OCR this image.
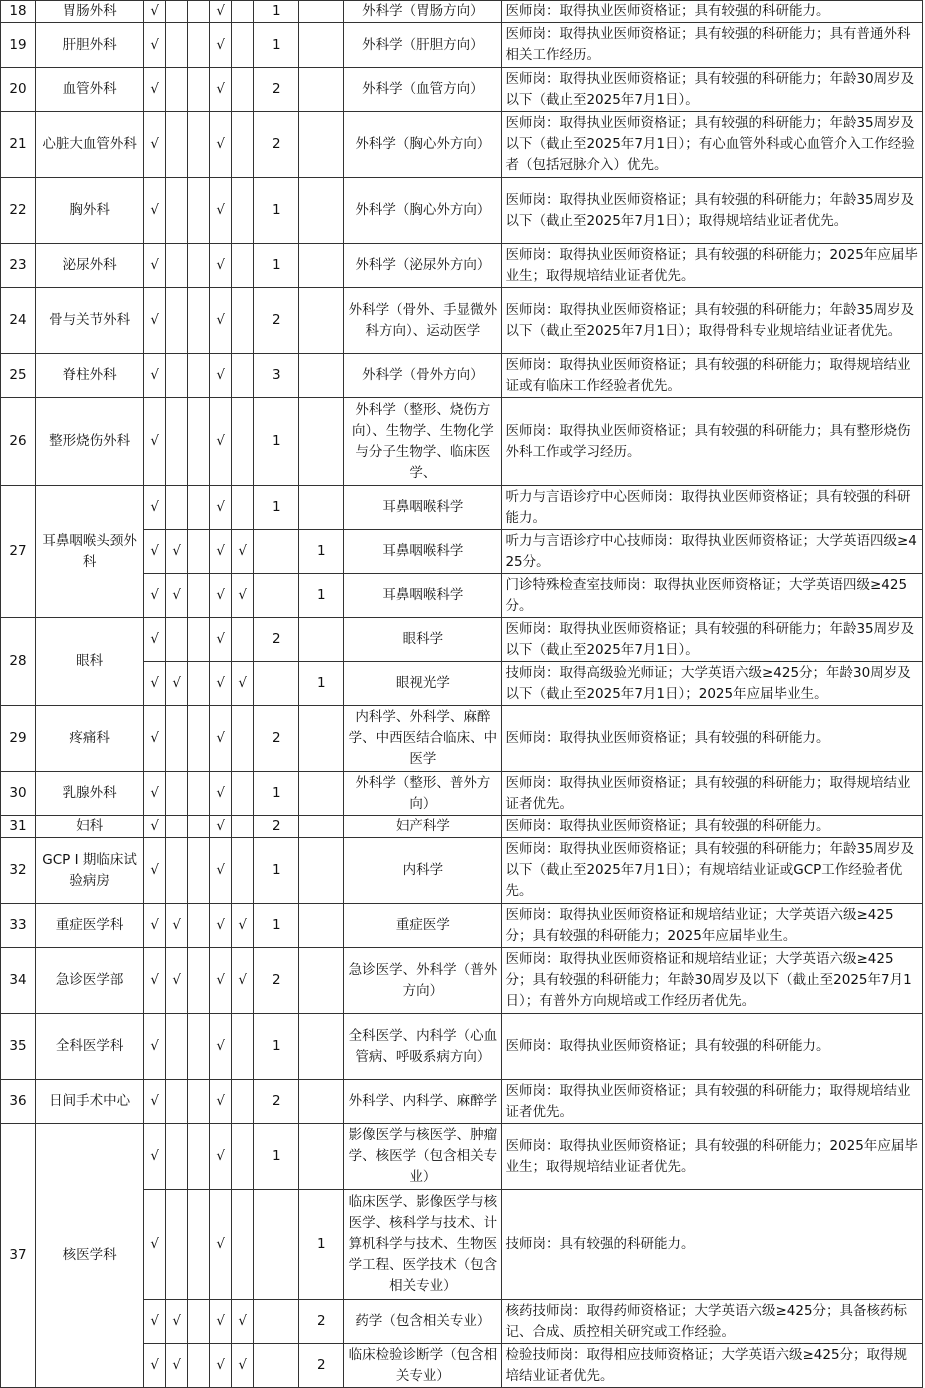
18	胃肠外科	√			√		1		外科学（胃肠方向）	医师岗：取得执业医师资格证；具有较强的科研能力。
19	肝胆外科	√			√		1		外科学（肝胆方向）	医师岗：取得执业医师资格证；具有较强的科研能力；具有普通外科相关工作经历。
20	血管外科	√			√		2		外科学（血管方向）	医师岗：取得执业医师资格证；具有较强的科研能力；年龄30周岁及以下（截止至2025年7月1日）。
21	心脏大血管外科	√			√		2		外科学（胸心外方向）	医师岗：取得执业医师资格证；具有较强的科研能力；年龄35周岁及以下（截止至2025年7月1日）；有心血管外科或心血管介入工作经验者（包括冠脉介入）优先。
22	胸外科	√			√		1		外科学（胸心外方向）	医师岗：取得执业医师资格证；具有较强的科研能力；年龄35周岁及以下（截止至2025年7月1日）；取得规培结业证者优先。
23	泌尿外科	√			√		1		外科学（泌尿外方向）	医师岗：取得执业医师资格证；具有较强的科研能力；2025年应届毕业生；取得规培结业证者优先。
24	骨与关节外科	√			√		2		外科学（骨外、手显微外科方向）、运动医学	医师岗：取得执业医师资格证；具有较强的科研能力；年龄35周岁及以下（截止至2025年7月1日）；取得骨科专业规培结业证者优先。
25	脊柱外科	√			√		3		外科学（骨外方向）	医师岗：取得执业医师资格证；具有较强的科研能力；取得规培结业证或有临床工作经验者优先。
26	整形烧伤外科	√			√		1		外科学（整形、烧伤方向）、生物学、生物化学与分子生物学、临床医学、	医师岗：取得执业医师资格证；具有较强的科研能力；具有整形烧伤外科工作或学习经历。
27	耳鼻咽喉头颈外科	√			√		1		耳鼻咽喉科学	听力与言语诊疗中心医师岗：取得执业医师资格证；具有较强的科研能力。
		√	√		√	√		1	耳鼻咽喉科学	听力与言语诊疗中心技师岗：取得执业医师资格证；大学英语四级≥425分。
		√	√		√	√		1	耳鼻咽喉科学	门诊特殊检查室技师岗：取得执业医师资格证；大学英语四级≥425分。
28	眼科	√			√		2		眼科学	医师岗：取得执业医师资格证；具有较强的科研能力；年龄35周岁及以下（截止至2025年7月1日）。
		√	√		√	√		1	眼视光学	技师岗：取得高级验光师证；大学英语六级≥425分；年龄30周岁及以下（截止至2025年7月1日）；2025年应届毕业生。
29	疼痛科	√			√		2		内科学、外科学、麻醉学、中西医结合临床、中医学	医师岗：取得执业医师资格证；具有较强的科研能力。
30	乳腺外科	√			√		1		外科学（整形、普外方向）	医师岗：取得执业医师资格证；具有较强的科研能力；取得规培结业证者优先。
31	妇科	√			√		2		妇产科学	医师岗：取得执业医师资格证；具有较强的科研能力。
32	GCP I 期临床试验病房	√			√		1		内科学	医师岗：取得执业医师资格证；具有较强的科研能力；年龄35周岁及以下（截止至2025年7月1日）；有规培结业证或GCP工作经验者优先。
33	重症医学科	√	√		√	√	1		重症医学	医师岗：取得执业医师资格证和规培结业证；大学英语六级≥425分；具有较强的科研能力；2025年应届毕业生。
34	急诊医学部	√	√		√	√	2		急诊医学、外科学（普外方向）	医师岗：取得执业医师资格证和规培结业证；大学英语六级≥425分；具有较强的科研能力；年龄30周岁及以下（截止至2025年7月1日）；有普外方向规培或工作经历者优先。
35	全科医学科	√			√		1		全科医学、内科学（心血管病、呼吸系病方向）	医师岗：取得执业医师资格证；具有较强的科研能力。
36	日间手术中心	√			√		2		外科学、内科学、麻醉学	医师岗：取得执业医师资格证；具有较强的科研能力；取得规培结业证者优先。
37	核医学科	√			√		1		影像医学与核医学、肿瘤学、核医学（包含相关专业）	医师岗：取得执业医师资格证；具有较强的科研能力；2025年应届毕业生；取得规培结业证者优先。
		√			√			1	临床医学、影像医学与核医学、核科学与技术、计算机科学与技术、生物医学工程、医学技术（包含相关专业）	技师岗：具有较强的科研能力。
		√	√		√	√		2	药学（包含相关专业）	核药技师岗：取得药师资格证；大学英语六级≥425分；具备核药标记、合成、质控相关研究或工作经验。
		√	√		√	√		2	临床检验诊断学（包含相关专业）	检验技师岗：取得相应技师资格证；大学英语六级≥425分；取得规培结业证者优先。
